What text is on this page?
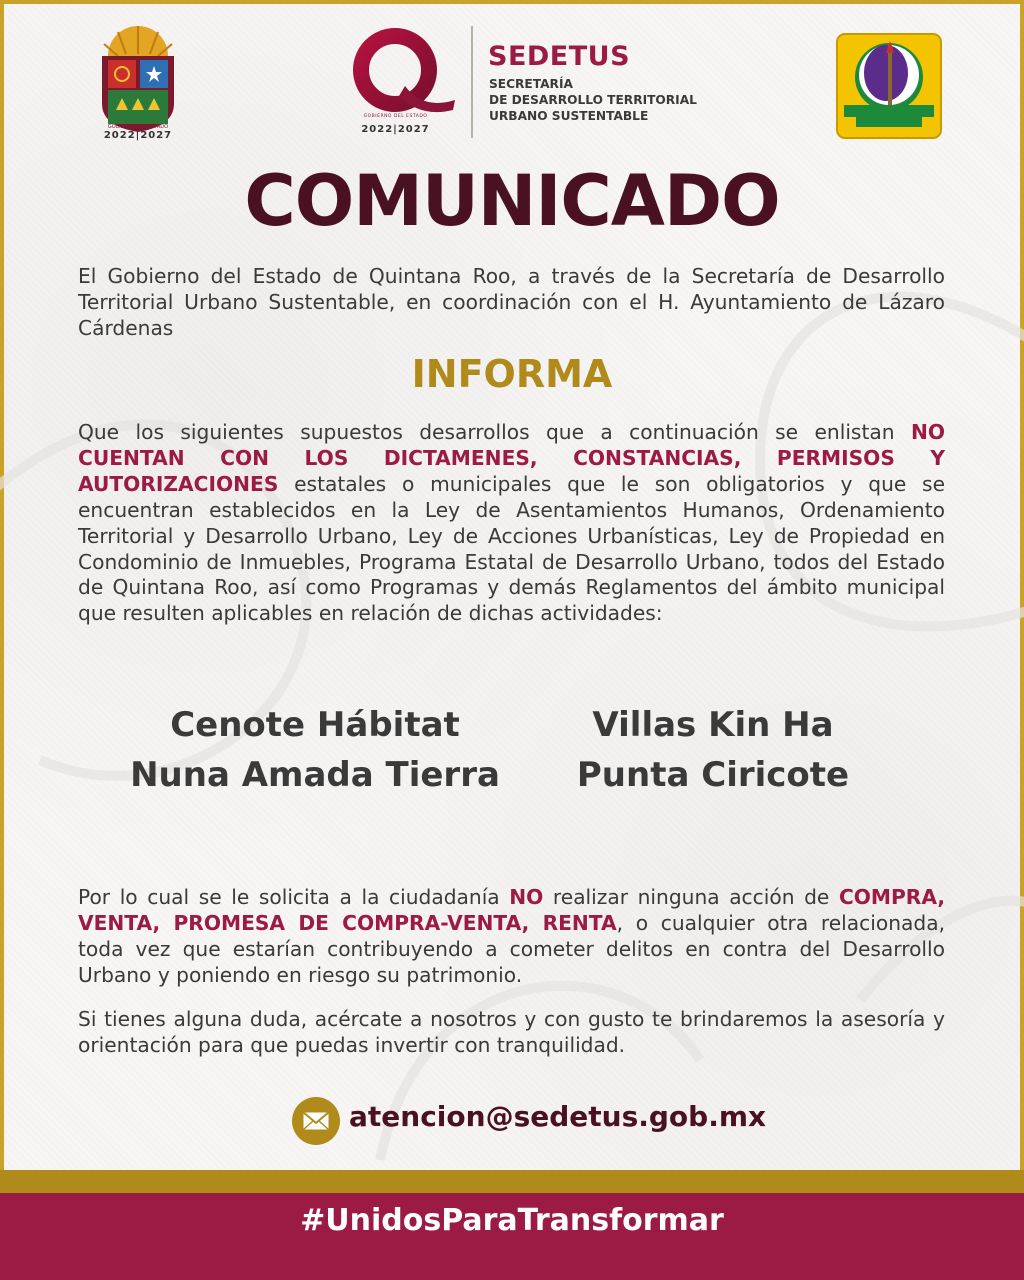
GOBIERNO DEL ESTADO
2022|2027
GOBIERNO DEL ESTADO
2022|2027
SEDETUS
SECRETARÍA
DE DESARROLLO TERRITORIAL
URBANO SUSTENTABLE
COMUNICADO
El Gobierno del Estado de Quintana Roo, a través de la Secretaría de Desarrollo Territorial Urbano Sustentable, en coordinación con el H. Ayuntamiento de Lázaro Cárdenas
INFORMA
Que los siguientes supuestos desarrollos que a continuación se enlistan NO CUENTAN CON LOS DICTAMENES, CONSTANCIAS, PERMISOS Y AUTORIZACIONES estatales o municipales que le son obligatorios y que se encuentran establecidos en la Ley de Asentamientos Humanos, Ordenamiento Territorial y Desarrollo Urbano, Ley de Acciones Urbanísticas, Ley de Propiedad en Condominio de Inmuebles, Programa Estatal de Desarrollo Urbano, todos del Estado de Quintana Roo, así como Programas y demás Reglamentos del ámbito municipal que resulten aplicables en relación de dichas actividades:
Cenote Hábitat
Nuna Amada Tierra
Villas Kin Ha
Punta Ciricote
Por lo cual se le solicita a la ciudadanía NO realizar ninguna acción de COMPRA, VENTA, PROMESA DE COMPRA-VENTA, RENTA, o cualquier otra relacionada, toda vez que estarían contribuyendo a cometer delitos en contra del Desarrollo Urbano y poniendo en riesgo su patrimonio.
Si tienes alguna duda, acércate a nosotros y con gusto te brindaremos la asesoría y orientación para que puedas invertir con tranquilidad.
atencion@sedetus.gob.mx
#UnidosParaTransformar
